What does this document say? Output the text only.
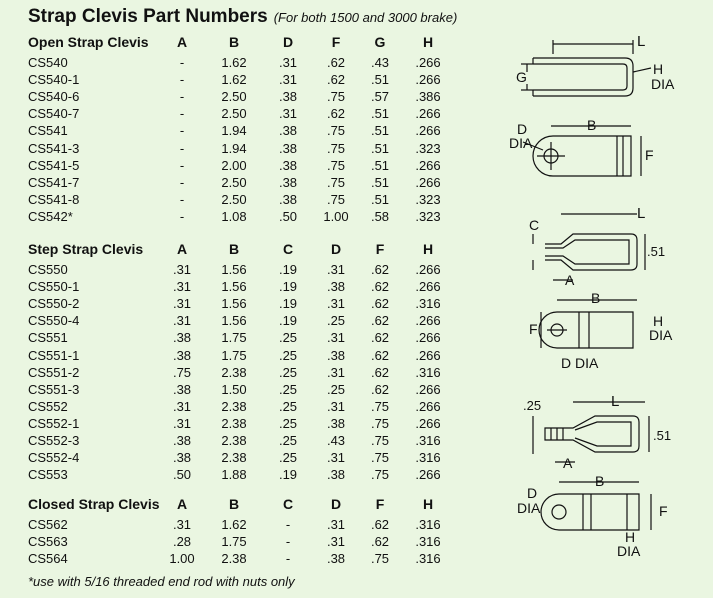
Strap Clevis Part Numbers (For both 1500 and 3000 brake)
Open Strap Clevis	A	B	D	F	G	H
CS540	-	1.62	.31	.62	.43	.266
CS540-1	-	1.62	.31	.62	.51	.266
CS540-6	-	2.50	.38	.75	.57	.386
CS540-7	-	2.50	.31	.62	.51	.266
CS541	-	1.94	.38	.75	.51	.266
CS541-3	-	1.94	.38	.75	.51	.323
CS541-5	-	2.00	.38	.75	.51	.266
CS541-7	-	2.50	.38	.75	.51	.266
CS541-8	-	2.50	.38	.75	.51	.323
CS542*	-	1.08	.50	1.00	.58	.323
Step Strap Clevis	A	B	C	D	F	H
CS550	.31	1.56	.19	.31	.62	.266
CS550-1	.31	1.56	.19	.38	.62	.266
CS550-2	.31	1.56	.19	.31	.62	.316
CS550-4	.31	1.56	.19	.25	.62	.266
CS551	.38	1.75	.25	.31	.62	.266
CS551-1	.38	1.75	.25	.38	.62	.266
CS551-2	.75	2.38	.25	.31	.62	.316
CS551-3	.38	1.50	.25	.25	.62	.266
CS552	.31	2.38	.25	.31	.75	.266
CS552-1	.31	2.38	.25	.38	.75	.266
CS552-3	.38	2.38	.25	.43	.75	.316
CS552-4	.38	2.38	.25	.31	.75	.316
CS553	.50	1.88	.19	.38	.75	.266
Closed Strap Clevis	A	B	C	D	F	H
CS562	.31	1.62	-	.31	.62	.316
CS563	.28	1.75	-	.31	.62	.316
CS564	1.00	2.38	-	.38	.75	.316
*use with 5/16 threaded end rod with nuts only
L
G	H
DIA
B
F
D
DIA
L
C
.51
A
B
F	H
DIA
D DIA
L
.25
.51
A
B
F
D
DIA
H
DIA
